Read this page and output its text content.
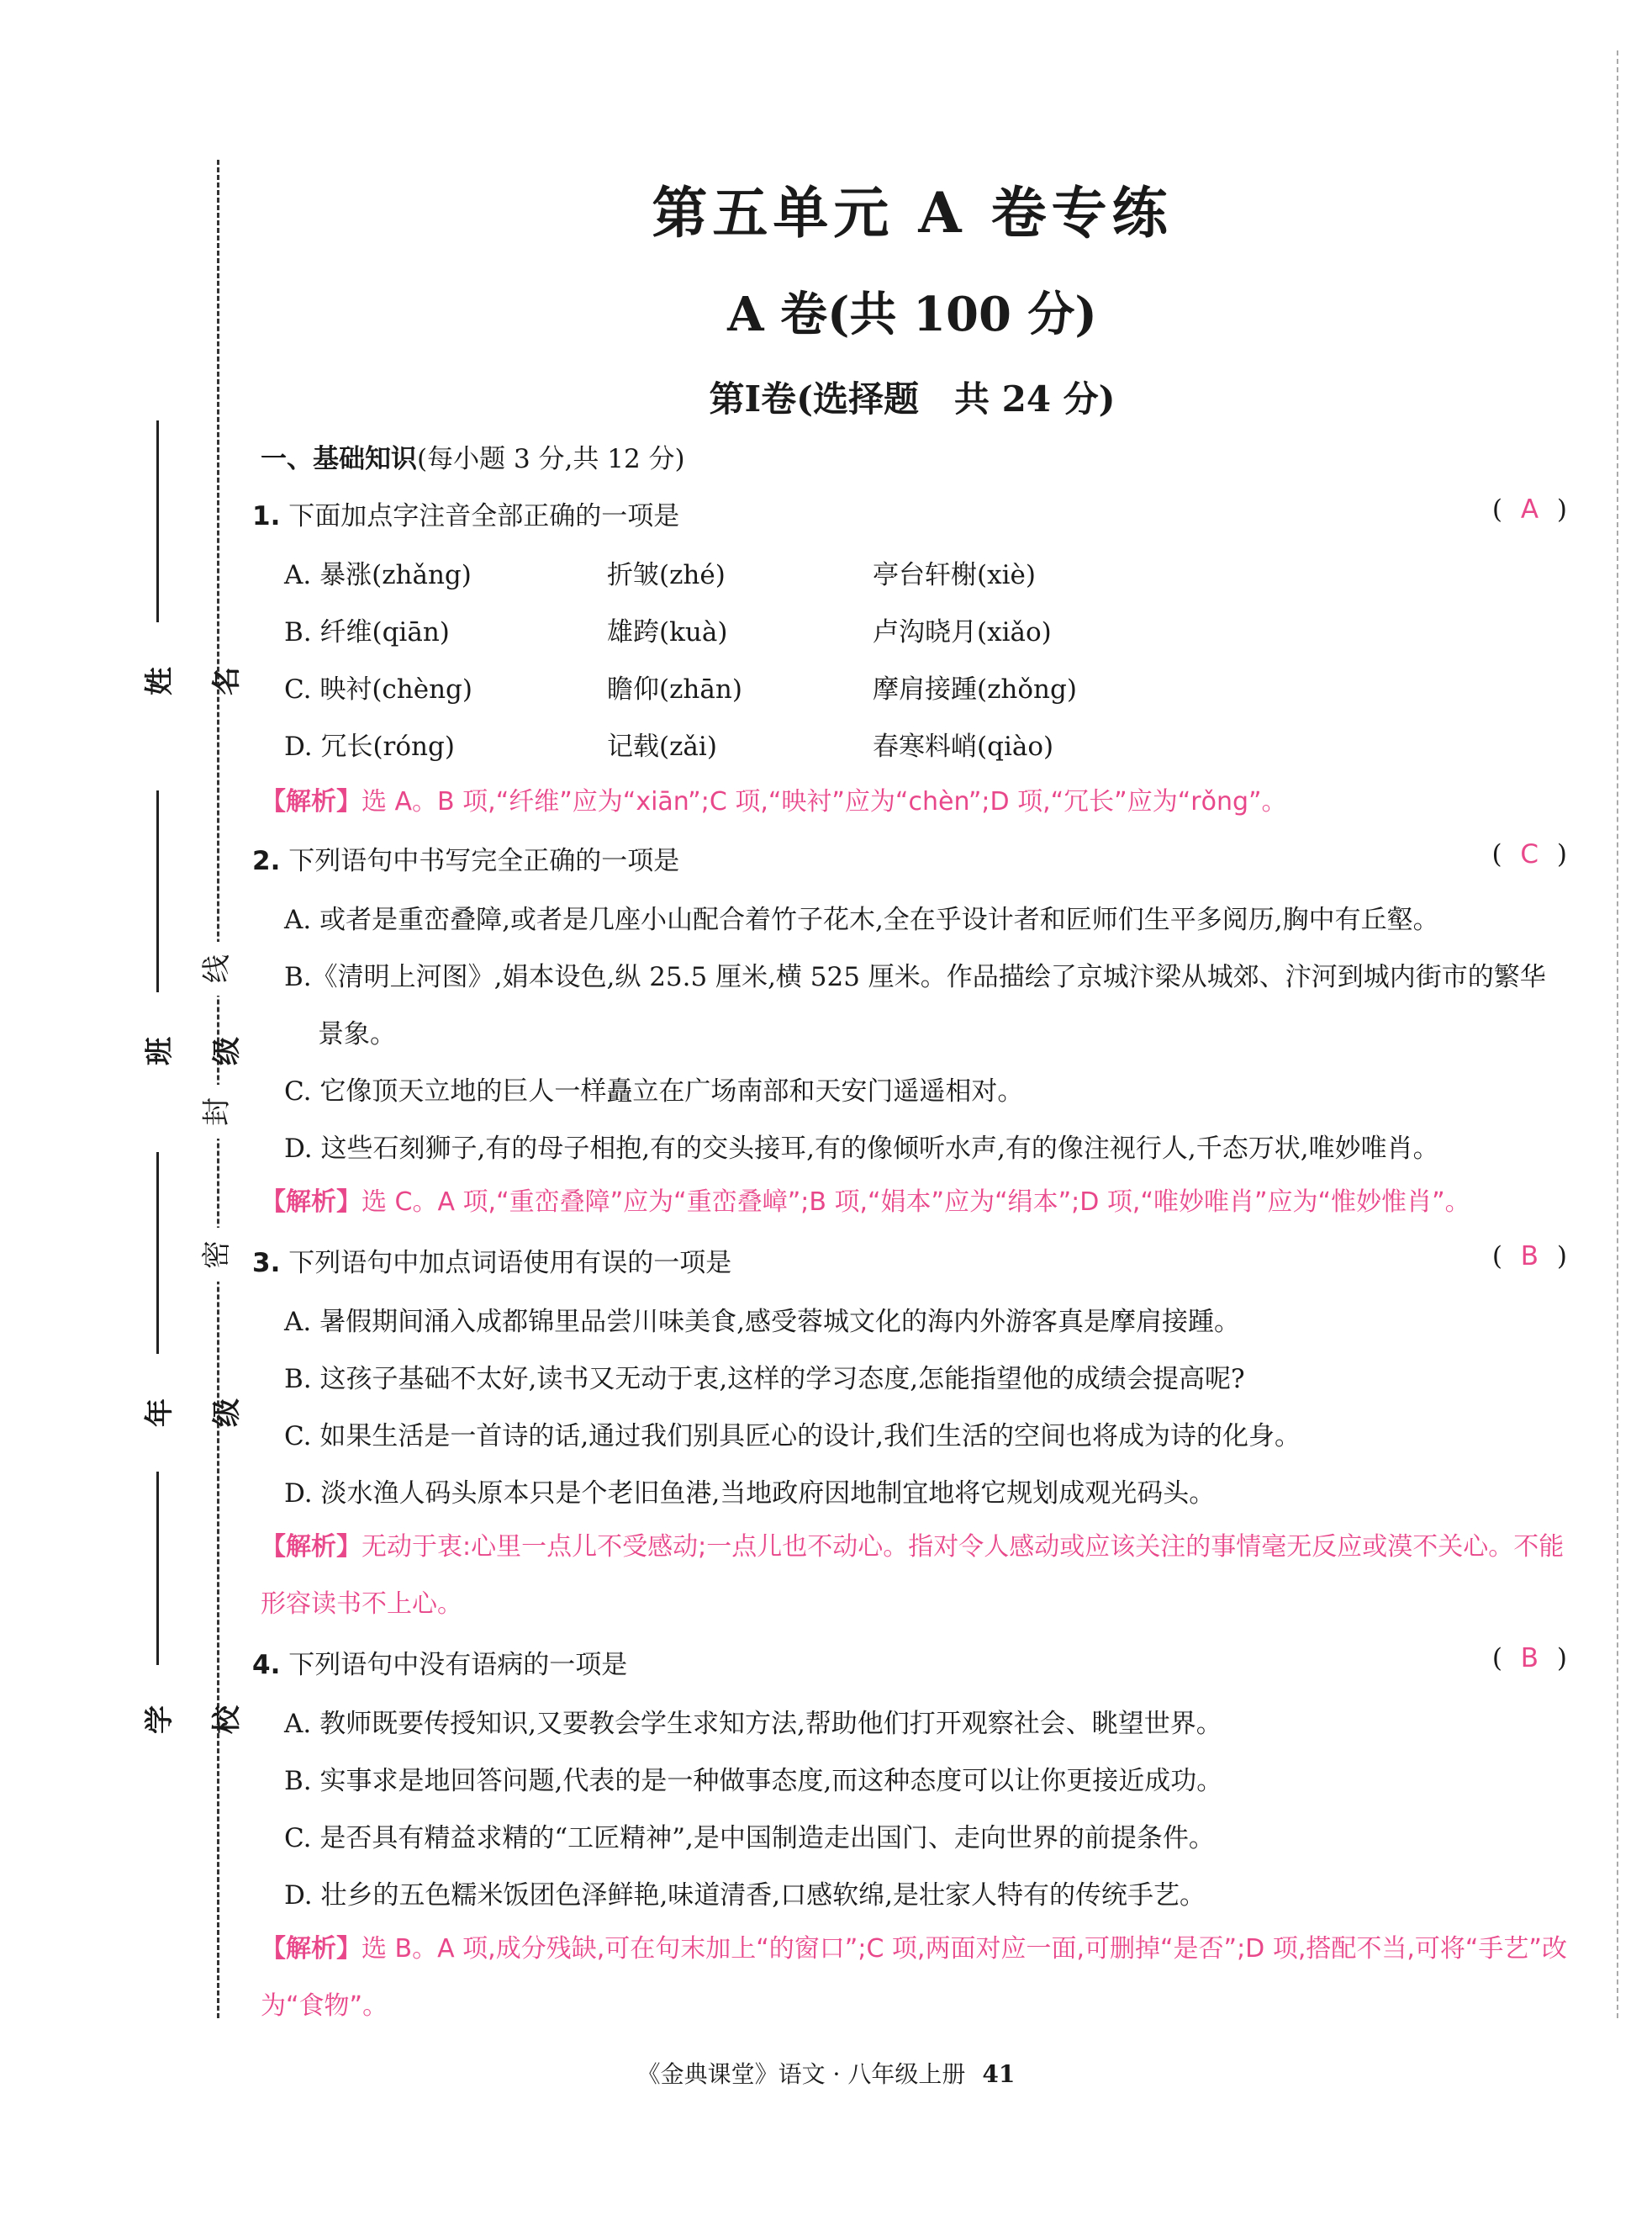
姓名
班级
年级
学校
线
封
密
第五单元 A 卷专练
A 卷(共 100 分)
第Ⅰ卷(选择题　共 24 分)
一、基础知识(每小题 3 分,共 12 分)
1. 下面加点字注音全部正确的一项是	( A )
A. 暴涨(zhǎng)	折皱(zhé)	亭台轩榭(xiè)
B. 纤维(qiān)	雄跨(kuà)	卢沟晓月(xiǎo)
C. 映衬(chèng)	瞻仰(zhān)	摩肩接踵(zhǒng)
D. 冗长(róng)	记载(zǎi)	春寒料峭(qiào)
【解析】选 A。B 项,“纤维”应为“xiān”;C 项,“映衬”应为“chèn”;D 项,“冗长”应为“rǒng”。
2. 下列语句中书写完全正确的一项是	( C )
A. 或者是重峦叠障,或者是几座小山配合着竹子花木,全在乎设计者和匠师们生平多阅历,胸中有丘壑。
B.《清明上河图》,娟本设色,纵 25.5 厘米,横 525 厘米。作品描绘了京城汴梁从城郊、汴河到城内街市的繁华
景象。
C. 它像顶天立地的巨人一样矗立在广场南部和天安门遥遥相对。
D. 这些石刻狮子,有的母子相抱,有的交头接耳,有的像倾听水声,有的像注视行人,千态万状,唯妙唯肖。
【解析】选 C。A 项,“重峦叠障”应为“重峦叠嶂”;B 项,“娟本”应为“绢本”;D 项,“唯妙唯肖”应为“惟妙惟肖”。
3. 下列语句中加点词语使用有误的一项是	( B )
A. 暑假期间涌入成都锦里品尝川味美食,感受蓉城文化的海内外游客真是摩肩接踵。
B. 这孩子基础不太好,读书又无动于衷,这样的学习态度,怎能指望他的成绩会提高呢?
C. 如果生活是一首诗的话,通过我们别具匠心的设计,我们生活的空间也将成为诗的化身。
D. 淡水渔人码头原本只是个老旧鱼港,当地政府因地制宜地将它规划成观光码头。
【解析】无动于衷:心里一点儿不受感动;一点儿也不动心。指对令人感动或应该关注的事情毫无反应或漠不关心。不能形容读书不上心。
4. 下列语句中没有语病的一项是	( B )
A. 教师既要传授知识,又要教会学生求知方法,帮助他们打开观察社会、眺望世界。
B. 实事求是地回答问题,代表的是一种做事态度,而这种态度可以让你更接近成功。
C. 是否具有精益求精的“工匠精神”,是中国制造走出国门、走向世界的前提条件。
D. 壮乡的五色糯米饭团色泽鲜艳,味道清香,口感软绵,是壮家人特有的传统手艺。
【解析】选 B。A 项,成分残缺,可在句末加上“的窗口”;C 项,两面对应一面,可删掉“是否”;D 项,搭配不当,可将“手艺”改为“食物”。
《金典课堂》语文 · 八年级上册 41
